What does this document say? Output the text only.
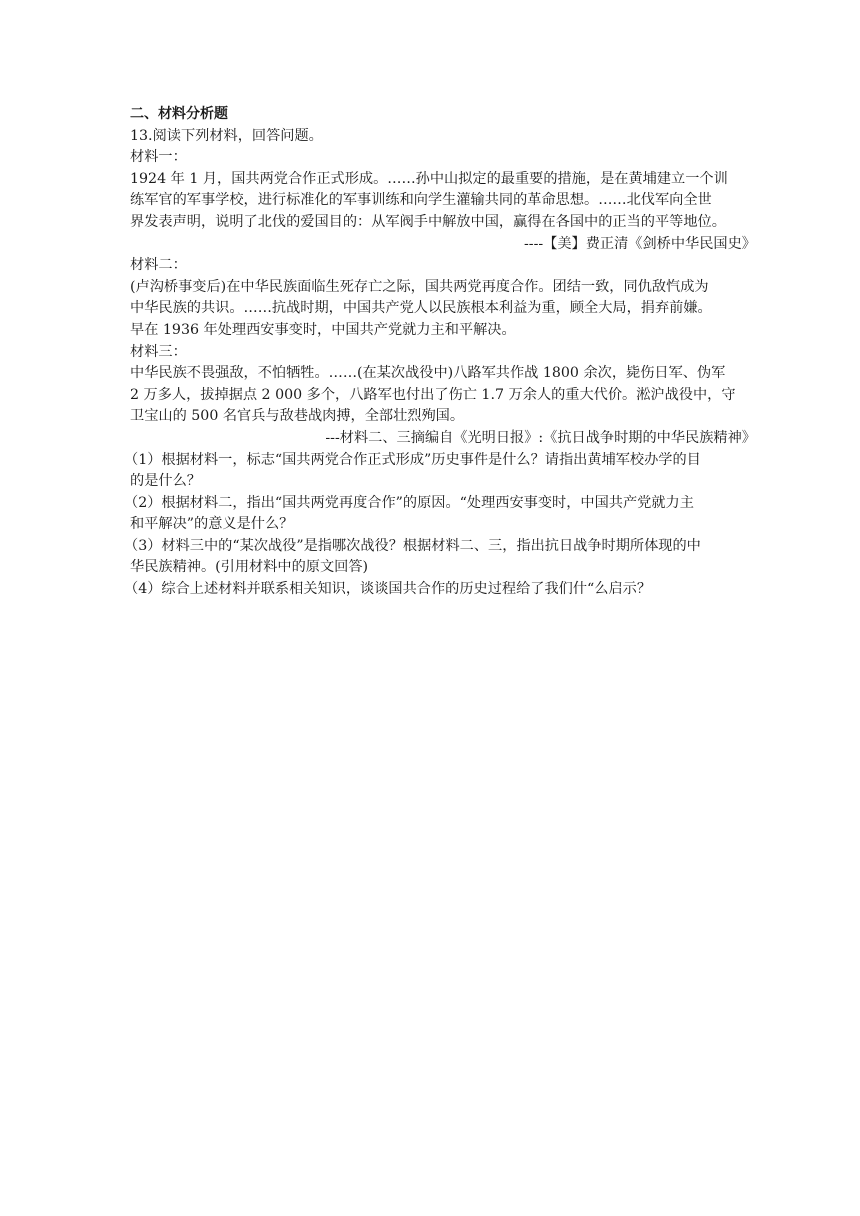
二、材料分析题
13.阅读下列材料，回答问题。
材料一：
1924 年 1 月，国共两党合作正式形成。……孙中山拟定的最重要的措施，是在黄埔建立一个训
练军官的军事学校，进行标准化的军事训练和向学生灌输共同的革命思想。……北伐军向全世
界发表声明，说明了北伐的爱国目的：从军阀手中解放中国，赢得在各国中的正当的平等地位。
----【美】费正清《剑桥中华民国史》
材料二：
(卢沟桥事变后)在中华民族面临生死存亡之际，国共两党再度合作。团结一致，同仇敌忾成为
中华民族的共识。……抗战时期，中国共产党人以民族根本利益为重，顾全大局，捐弃前嫌。
早在 1936 年处理西安事变时，中国共产党就力主和平解决。
材料三：
中华民族不畏强敌，不怕牺牲。……(在某次战役中)八路军共作战 1800 余次，毙伤日军、伪军
2 万多人，拔掉据点 2 000 多个，八路军也付出了伤亡 1.7 万余人的重大代价。淞沪战役中，守
卫宝山的 500 名官兵与敌巷战肉搏，全部壮烈殉国。
---材料二、三摘编自《光明日报》:《抗日战争时期的中华民族精神》
（1）根据材料一，标志“国共两党合作正式形成”历史事件是什么？请指出黄埔军校办学的目
的是什么？
（2）根据材料二，指出“国共两党再度合作”的原因。“处理西安事变时，中国共产党就力主
和平解决”的意义是什么？
（3）材料三中的“某次战役”是指哪次战役？根据材料二、三，指出抗日战争时期所体现的中
华民族精神。(引用材料中的原文回答)
（4）综合上述材料并联系相关知识，谈谈国共合作的历史过程给了我们什“么启示？
